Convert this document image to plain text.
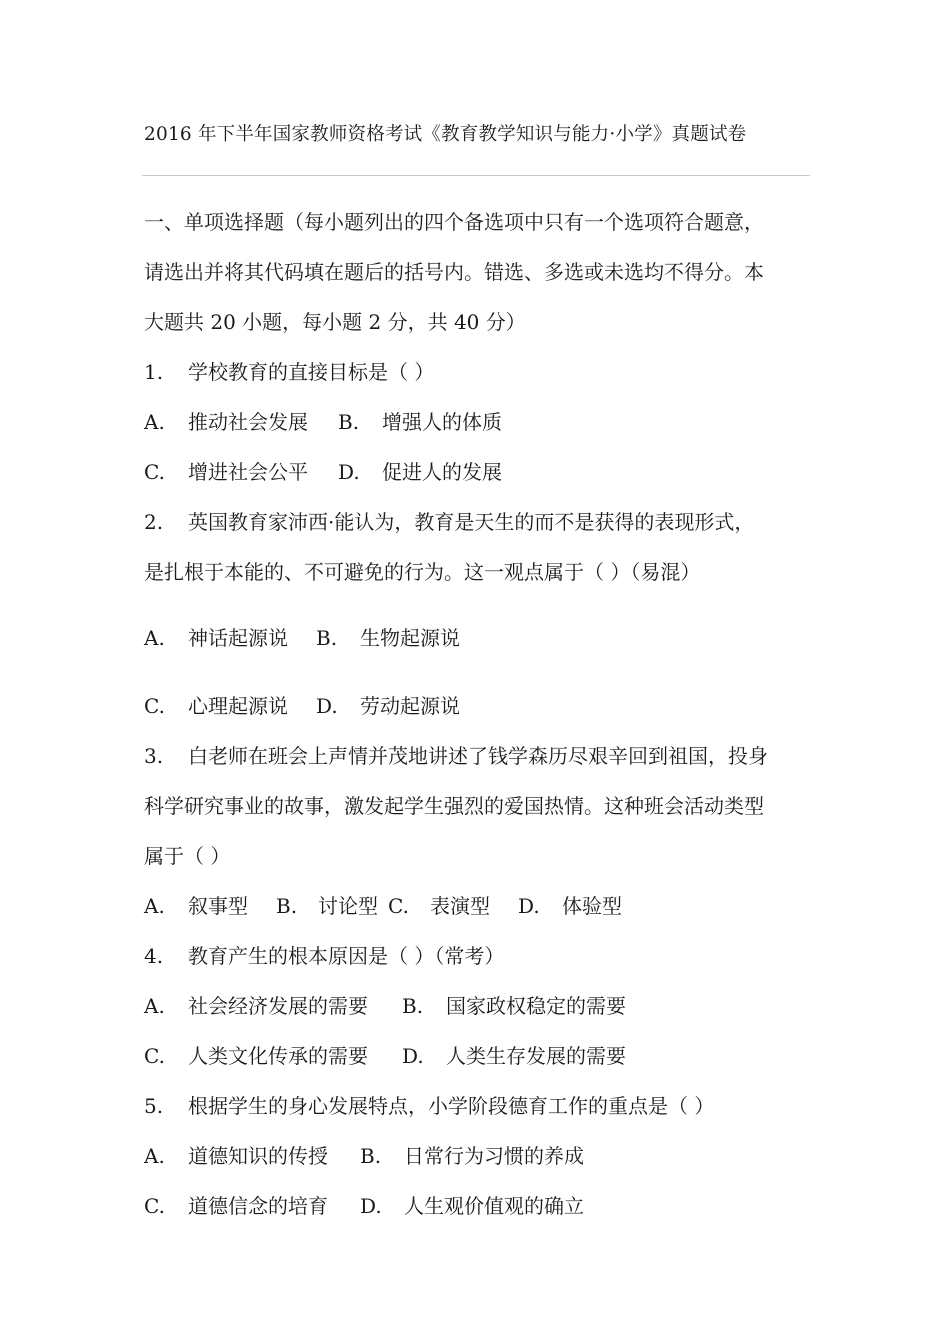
2016 年下半年国家教师资格考试《教育教学知识与能力·小学》真题试卷
一、单项选择题（每小题列出的四个备选项中只有一个选项符合题意，
请选出并将其代码填在题后的括号内。错选、多选或未选均不得分。本
大题共 20 小题，每小题 2 分，共 40 分）
1. 学校教育的直接目标是（ ）
A. 推动社会发展 B. 增强人的体质
C. 增进社会公平 D. 促进人的发展
2. 英国教育家沛西·能认为，教育是天生的而不是获得的表现形式，
是扎根于本能的、不可避免的行为。这一观点属于（ ）（易混）
A. 神话起源说 B. 生物起源说
C. 心理起源说 D. 劳动起源说
3. 白老师在班会上声情并茂地讲述了钱学森历尽艰辛回到祖国，投身
科学研究事业的故事，激发起学生强烈的爱国热情。这种班会活动类型
属于（ ）
A. 叙事型 B. 讨论型 C. 表演型 D. 体验型
4. 教育产生的根本原因是（ ）（常考）
A. 社会经济发展的需要 B. 国家政权稳定的需要
C. 人类文化传承的需要 D. 人类生存发展的需要
5. 根据学生的身心发展特点，小学阶段德育工作的重点是（ ）
A. 道德知识的传授 B. 日常行为习惯的养成
C. 道德信念的培育 D. 人生观价值观的确立
